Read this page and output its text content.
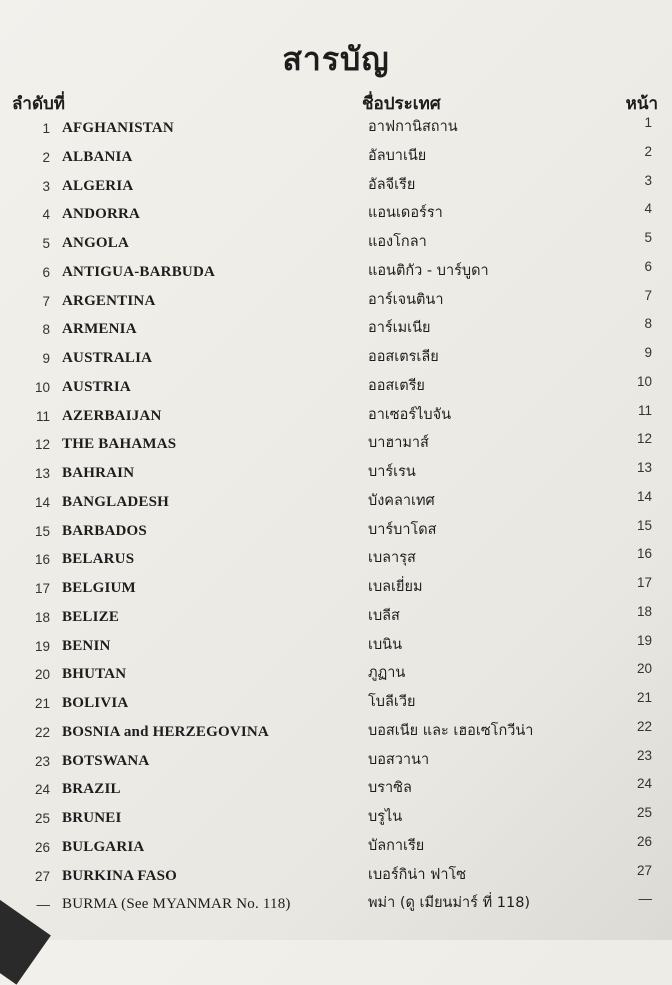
สารบัญ
ลำดับที่	ชื่อประเทศ	หน้า
1 AFGHANISTAN	อาฟกานิสถาน	1
2 ALBANIA	อัลบาเนีย	2
3 ALGERIA	อัลจีเรีย	3
4 ANDORRA	แอนเดอร์รา	4
5 ANGOLA	แองโกลา	5
6 ANTIGUA-BARBUDA	แอนติกัว - บาร์บูดา	6
7 ARGENTINA	อาร์เจนตินา	7
8 ARMENIA	อาร์เมเนีย	8
9 AUSTRALIA	ออสเตรเลีย	9
10 AUSTRIA	ออสเตรีย	10
11 AZERBAIJAN	อาเซอร์ไบจัน	11
12 THE BAHAMAS	บาฮามาส์	12
13 BAHRAIN	บาร์เรน	13
14 BANGLADESH	บังคลาเทศ	14
15 BARBADOS	บาร์บาโดส	15
16 BELARUS	เบลารุส	16
17 BELGIUM	เบลเยี่ยม	17
18 BELIZE	เบลีส	18
19 BENIN	เบนิน	19
20 BHUTAN	ภูฏาน	20
21 BOLIVIA	โบลีเวีย	21
22 BOSNIA and HERZEGOVINA	บอสเนีย และ เฮอเซโกวีน่า	22
23 BOTSWANA	บอสวานา	23
24 BRAZIL	บราซิล	24
25 BRUNEI	บรูไน	25
26 BULGARIA	บัลกาเรีย	26
27 BURKINA FASO	เบอร์กิน่า ฟาโซ	27
— BURMA (See MYANMAR No. 118)	พม่า (ดู เมียนม่าร์ ที่ 118)	—
